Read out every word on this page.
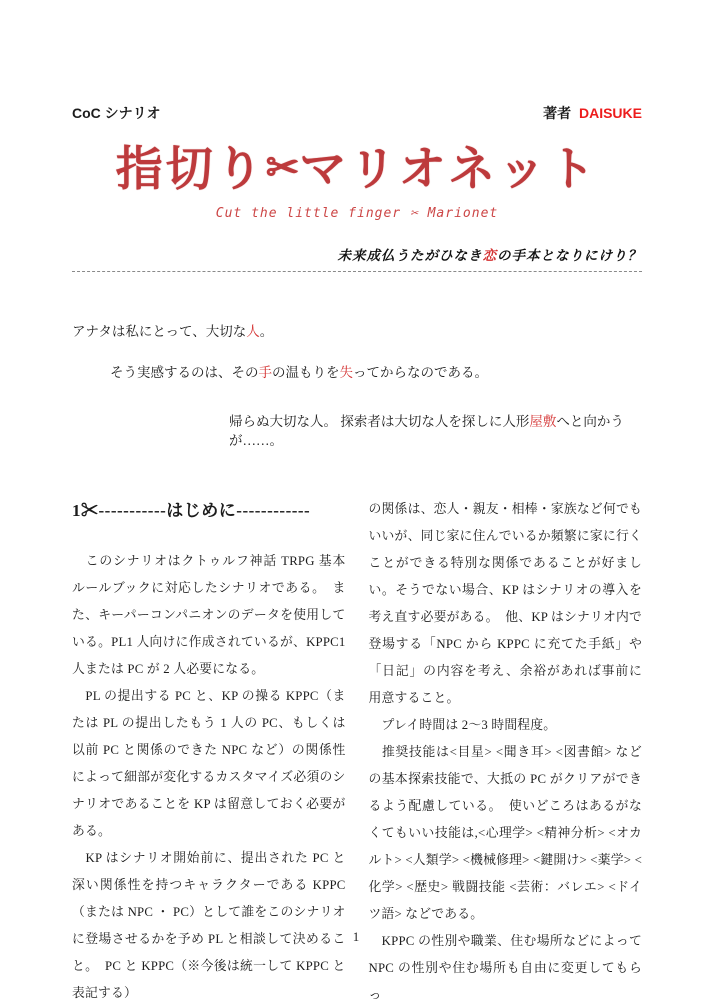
CoC シナリオ	著者 DAISUKE
指切り✂マリオネット
Cut the little finger ✂ Marionet
未来成仏うたがひなき恋の手本となりにけり？
アナタは私にとって、大切な人。
そう実感するのは、その手の温もりを失ってからなのである。
帰らぬ大切な人。 探索者は大切な人を探しに人形屋敷へと向かうが……。
1✂-----------はじめに------------

　このシナリオはクトゥルフ神話 TRPG 基本ルールブックに対応したシナリオである。　また、キーパーコンパニオンのデータを使用している。PL1 人向けに作成されているが、KPPC1 人または PC が 2 人必要になる。

　PL の提出する PC と、KP の操る KPPC（または PL の提出したもう 1 人の PC、もしくは以前 PC と関係のできた NPC など）の関係性によって細部が変化するカスタマイズ必須のシナリオであることを KP は留意しておく必要がある。

　KP はシナリオ開始前に、提出された PC と深い関係性を持つキャラクターである KPPC（または NPC ・ PC）として誰をこのシナリオに登場させるかを予め PL と相談して決めること。　PC と KPPC（※今後は統一して KPPC と表記する）

の関係は、恋人・親友・相棒・家族など何でもいいが、同じ家に住んでいるか頻繁に家に行くことができる特別な関係であることが好ましい。そうでない場合、KP はシナリオの導入を考え直す必要がある。　他、KP はシナリオ内で登場する「NPC から KPPC に充てた手紙」や「日記」の内容を考え、余裕があれば事前に用意すること。

　プレイ時間は 2〜3 時間程度。

　推奨技能は<目星> <聞き耳> <図書館> などの基本探索技能で、大抵の PC がクリアができるよう配慮している。　使いどころはあるがなくてもいい技能は,<心理学> <精神分析> <オカルト> <人類学> <機械修理> <鍵開け> <薬学> <化学> <歴史> 戦闘技能 <芸術：バレエ> <ドイツ語> などである。

　KPPC の性別や職業、住む場所などによって NPC の性別や住む場所も自由に変更してもらっ

1
